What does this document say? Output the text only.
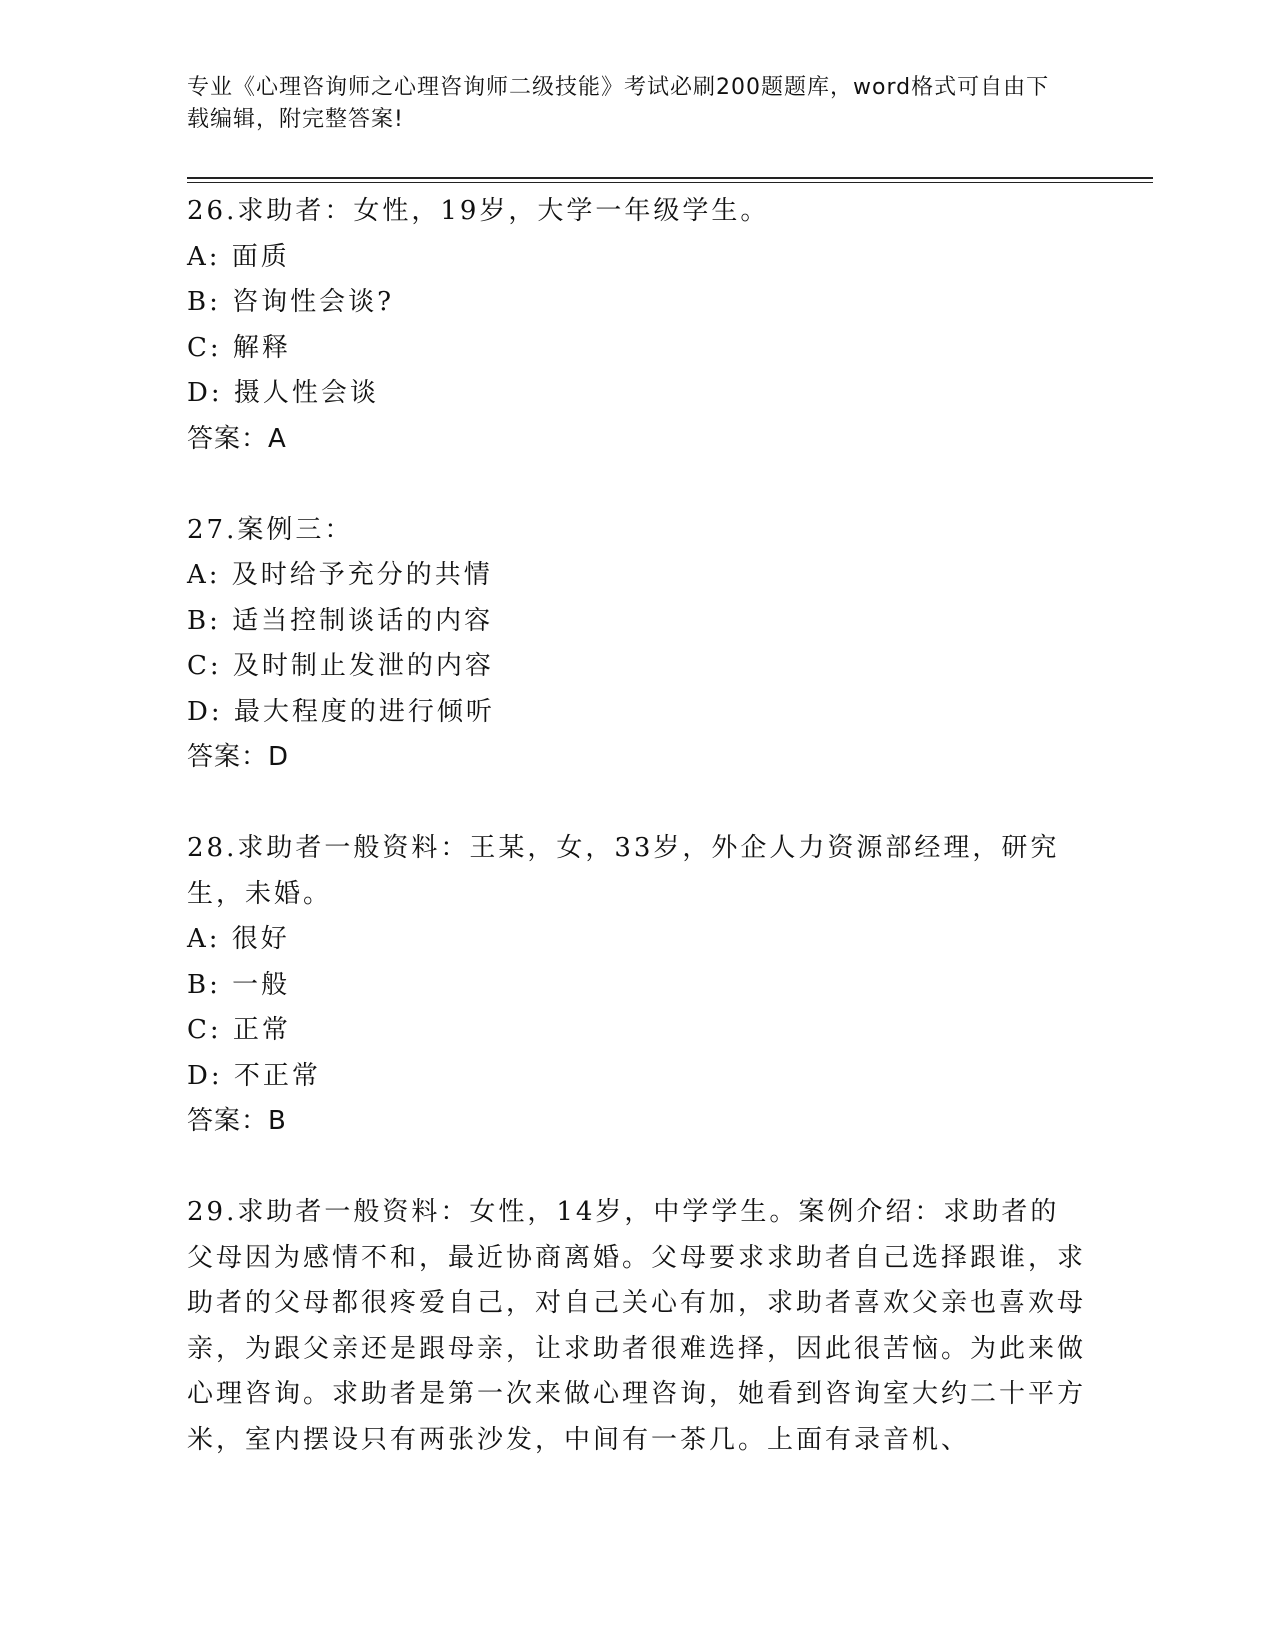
专业《心理咨询师之心理咨询师二级技能》考试必刷200题题库，word格式可自由下载编辑，附完整答案!
26.求助者：女性，19岁，大学一年级学生。
A: 面质
B: 咨询性会谈?
C: 解释
D: 摄人性会谈
答案：A
27.案例三：
A: 及时给予充分的共情
B: 适当控制谈话的内容
C: 及时制止发泄的内容
D: 最大程度的进行倾听
答案：D
28.求助者一般资料：王某，女，33岁，外企人力资源部经理，研究生，未婚。
A: 很好
B: 一般
C: 正常
D: 不正常
答案：B
29.求助者一般资料：女性，14岁，中学学生。案例介绍：求助者的父母因为感情不和，最近协商离婚。父母要求求助者自己选择跟谁，求助者的父母都很疼爱自己，对自己关心有加，求助者喜欢父亲也喜欢母亲，为跟父亲还是跟母亲，让求助者很难选择，因此很苦恼。为此来做心理咨询。求助者是第一次来做心理咨询，她看到咨询室大约二十平方米，室内摆设只有两张沙发，中间有一茶几。上面有录音机、
